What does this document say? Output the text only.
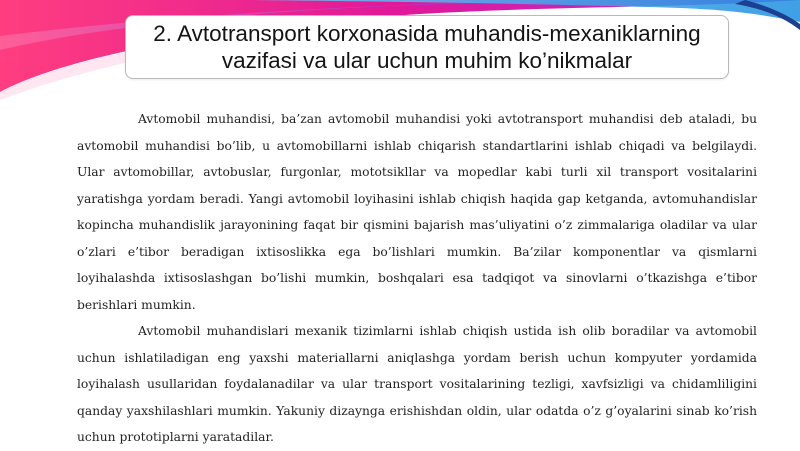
2. Avtotransport korxonasida muhandis-mexaniklarning
vazifasi va ular uchun muhim ko’nikmalar

Avtomobil muhandisi, ba’zan avtomobil muhandisi yoki avtotransport muhandisi deb ataladi, bu avtomobil muhandisi bo’lib, u avtomobillarni ishlab chiqarish standartlarini ishlab chiqadi va belgilaydi. Ular avtomobillar, avtobuslar, furgonlar, mototsikllar va mopedlar kabi turli xil transport vositalarini yaratishga yordam beradi. Yangi avtomobil loyihasini ishlab chiqish haqida gap ketganda, avtomuhandislar kopincha muhandislik jarayonining faqat bir qismini bajarish mas’uliyatini o’z zimmalariga oladilar va ular o’zlari e’tibor beradigan ixtisoslikka ega bo’lishlari mumkin. Ba’zilar komponentlar va qismlarni loyihalashda ixtisoslashgan bo’lishi mumkin, boshqalari esa tadqiqot va sinovlarni o’tkazishga e’tibor berishlari mumkin.

Avtomobil muhandislari mexanik tizimlarni ishlab chiqish ustida ish olib boradilar va avtomobil uchun ishlatiladigan eng yaxshi materiallarni aniqlashga yordam berish uchun kompyuter yordamida loyihalash usullaridan foydalanadilar va ular transport vositalarining tezligi, xavfsizligi va chidamliligini qanday yaxshilashlari mumkin. Yakuniy dizaynga erishishdan oldin, ular odatda o’z g’oyalarini sinab ko’rish uchun prototiplarni yaratadilar.
